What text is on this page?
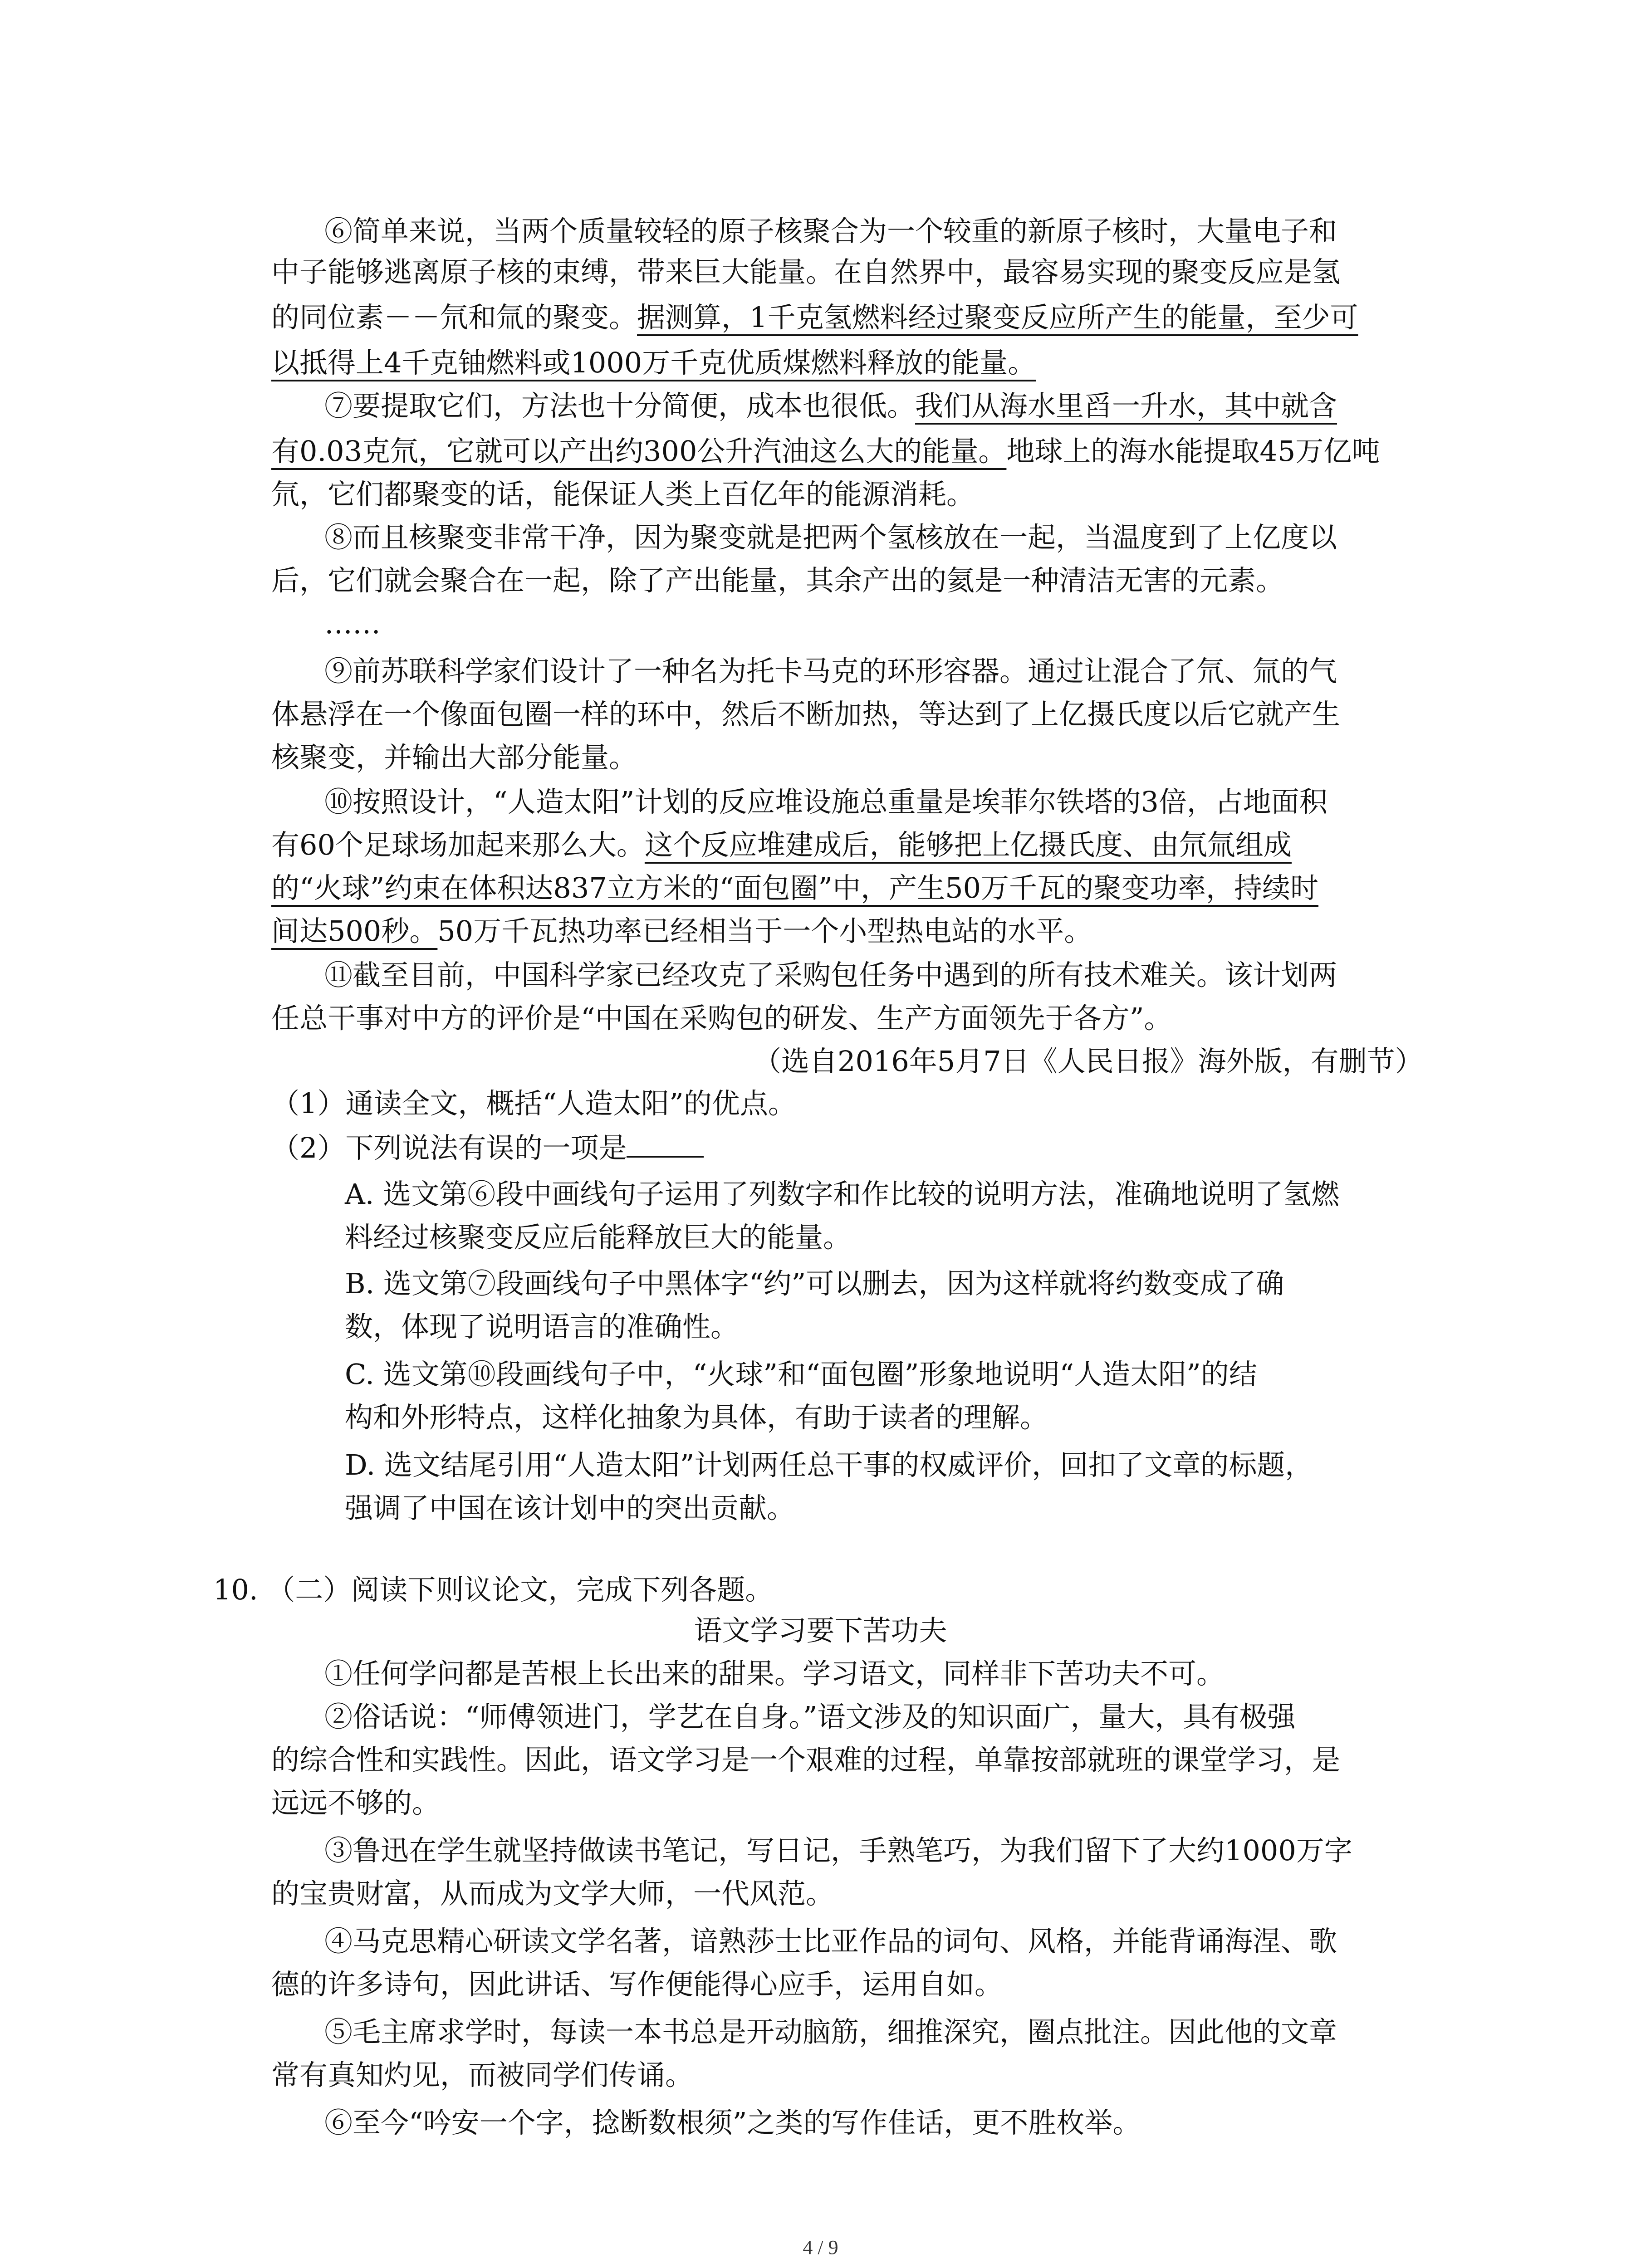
⑥简单来说，当两个质量较轻的原子核聚合为一个较重的新原子核时，大量电子和

中子能够逃离原子核的束缚，带来巨大能量。在自然界中，最容易实现的聚变反应是氢

的同位素－－氘和氚的聚变。据测算，1千克氢燃料经过聚变反应所产生的能量，至少可

以抵得上4千克铀燃料或1000万千克优质煤燃料释放的能量。

⑦要提取它们，方法也十分简便，成本也很低。我们从海水里舀一升水，其中就含

有0.03克氘，它就可以产出约300公升汽油这么大的能量。地球上的海水能提取45万亿吨

氘，它们都聚变的话，能保证人类上百亿年的能源消耗。

⑧而且核聚变非常干净，因为聚变就是把两个氢核放在一起，当温度到了上亿度以

后，它们就会聚合在一起，除了产出能量，其余产出的氦是一种清洁无害的元素。

……

⑨前苏联科学家们设计了一种名为托卡马克的环形容器。通过让混合了氘、氚的气

体悬浮在一个像面包圈一样的环中，然后不断加热，等达到了上亿摄氏度以后它就产生

核聚变，并输出大部分能量。

⑩按照设计，“人造太阳”计划的反应堆设施总重量是埃菲尔铁塔的3倍，占地面积

有60个足球场加起来那么大。这个反应堆建成后，能够把上亿摄氏度、由氘氚组成

的“火球”约束在体积达837立方米的“面包圈”中，产生50万千瓦的聚变功率，持续时

间达500秒。50万千瓦热功率已经相当于一个小型热电站的水平。

⑪截至目前，中国科学家已经攻克了采购包任务中遇到的所有技术难关。该计划两

任总干事对中方的评价是“中国在采购包的研发、生产方面领先于各方”。

（选自2016年5月7日《人民日报》海外版，有删节）

（1）通读全文，概括“人造太阳”的优点。

（2）下列说法有误的一项是

A. 选文第⑥段中画线句子运用了列数字和作比较的说明方法，准确地说明了氢燃

料经过核聚变反应后能释放巨大的能量。

B. 选文第⑦段画线句子中黑体字“约”可以删去，因为这样就将约数变成了确

数，体现了说明语言的准确性。

C. 选文第⑩段画线句子中，“火球”和“面包圈”形象地说明“人造太阳”的结

构和外形特点，这样化抽象为具体，有助于读者的理解。

D. 选文结尾引用“人造太阳”计划两任总干事的权威评价，回扣了文章的标题，

强调了中国在该计划中的突出贡献。

10. （二）阅读下则议论文，完成下列各题。

语文学习要下苦功夫

①任何学问都是苦根上长出来的甜果。学习语文，同样非下苦功夫不可。

②俗话说：“师傅领进门，学艺在自身。”语文涉及的知识面广，量大，具有极强

的综合性和实践性。因此，语文学习是一个艰难的过程，单靠按部就班的课堂学习，是

远远不够的。

③鲁迅在学生就坚持做读书笔记，写日记，手熟笔巧，为我们留下了大约1000万字

的宝贵财富，从而成为文学大师，一代风范。

④马克思精心研读文学名著，谙熟莎士比亚作品的词句、风格，并能背诵海涅、歌

德的许多诗句，因此讲话、写作便能得心应手，运用自如。

⑤毛主席求学时，每读一本书总是开动脑筋，细推深究，圈点批注。因此他的文章

常有真知灼见，而被同学们传诵。

⑥至今“吟安一个字，捻断数根须”之类的写作佳话，更不胜枚举。

4 / 9
